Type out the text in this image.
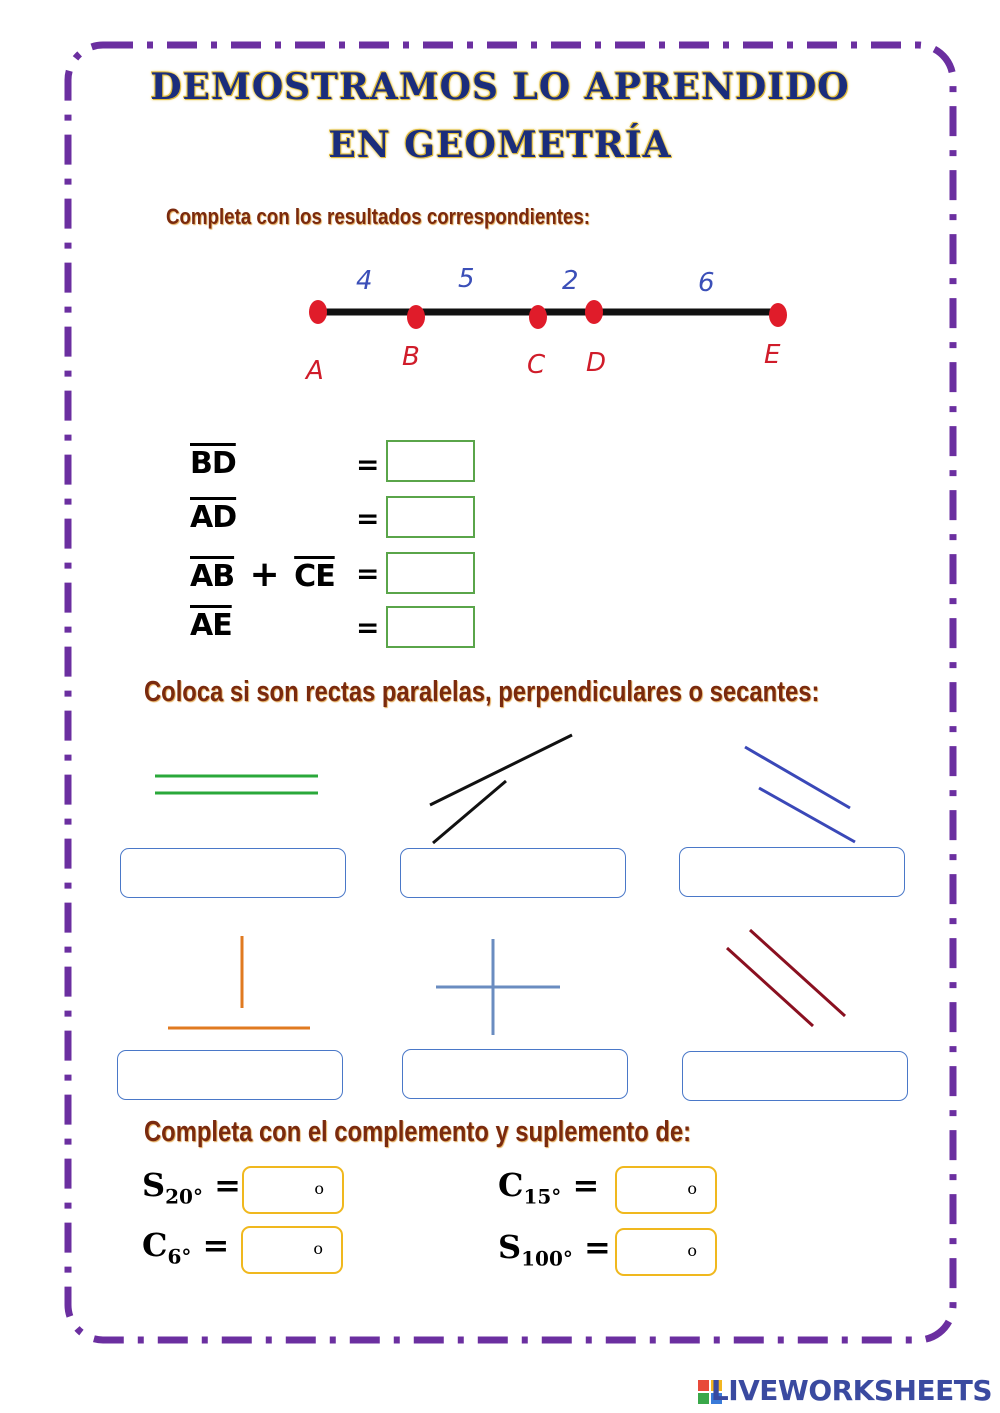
DEMOSTRAMOS LO APRENDIDO
EN GEOMETRÍA
Completa con los resultados correspondientes:
4	5	2	6
A	B	C D	E
$\overline{BD}$	=
$\overline{AD}$	=
$\overline{AB} + \overline{CE}$ =
$\overline{AE}$	=
Coloca si son rectas paralelas, perpendiculares o secantes:
Completa con el complemento y suplemento de:
$S_{20^\circ}$ =	o	$C_{15^\circ}$ =	o
$C_{6^\circ}$ =	o	$S_{100^\circ}$ =	o
LIVEWORKSHEETS
